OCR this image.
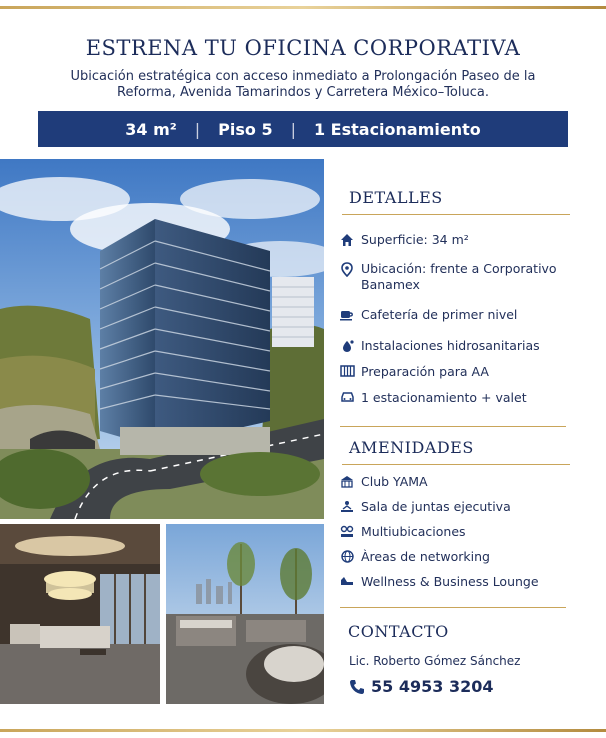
ESTRENA TU OFICINA CORPORATIVA
Ubicación estratégica con acceso inmediato a Prolongación Paseo de la Reforma, Avenida Tamarindos y Carretera México–Toluca.
34 m² | Piso 5 | 1 Estacionamiento
DETALLES
Superficie: 34 m²
Ubicación: frente a Corporativo Banamex
Cafetería de primer nivel
Instalaciones hidrosanitarias
Preparación para AA
1 estacionamiento + valet
AMENIDADES
Club YAMA
Sala de juntas ejecutiva
Multiubicaciones
Àreas de networking
Wellness & Business Lounge
CONTACTO
Lic. Roberto Gómez Sánchez
55 4953 3204
